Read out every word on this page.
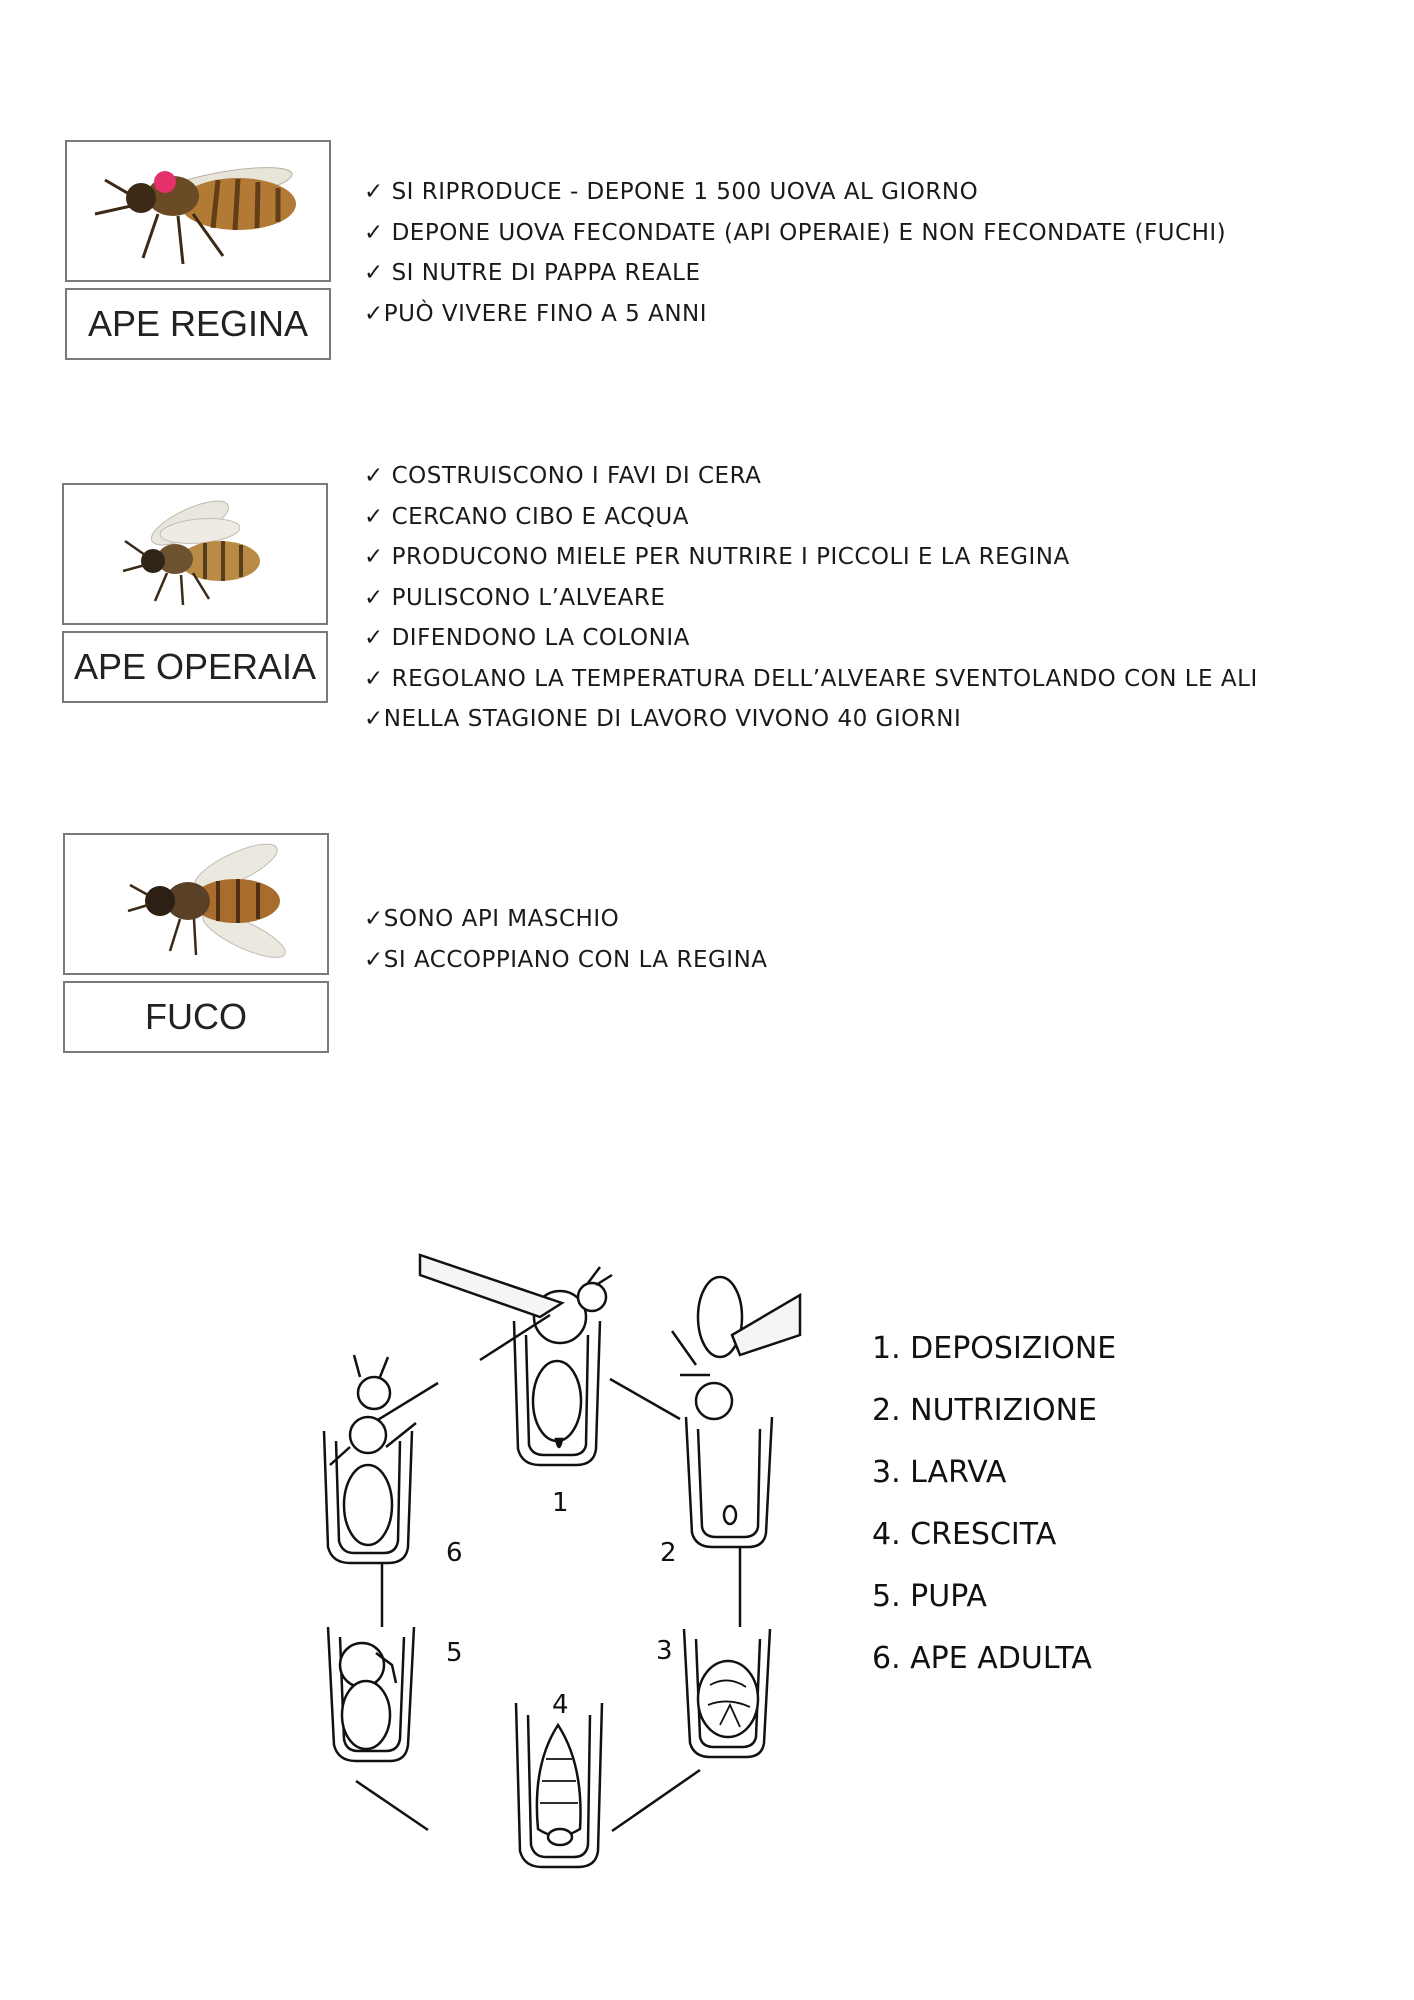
APE REGINA
✓ SI RIPRODUCE - DEPONE 1 500 UOVA AL GIORNO
✓ DEPONE UOVA FECONDATE (API OPERAIE) E NON FECONDATE (FUCHI)
✓ SI NUTRE DI PAPPA REALE
✓PUÒ VIVERE FINO A 5 ANNI
APE OPERAIA
✓ COSTRUISCONO I FAVI DI CERA
✓ CERCANO CIBO E ACQUA
✓ PRODUCONO MIELE PER NUTRIRE I PICCOLI E LA REGINA
✓ PULISCONO L’ALVEARE
✓ DIFENDONO LA COLONIA
✓ REGOLANO LA TEMPERATURA DELL’ALVEARE SVENTOLANDO CON LE ALI
✓NELLA STAGIONE DI LAVORO VIVONO 40 GIORNI
FUCO
✓SONO API MASCHIO
✓SI ACCOPPIANO CON LA REGINA
1
2
3
4
5
6
1. DEPOSIZIONE
2. NUTRIZIONE
3. LARVA
4. CRESCITA
5. PUPA
6. APE ADULTA
